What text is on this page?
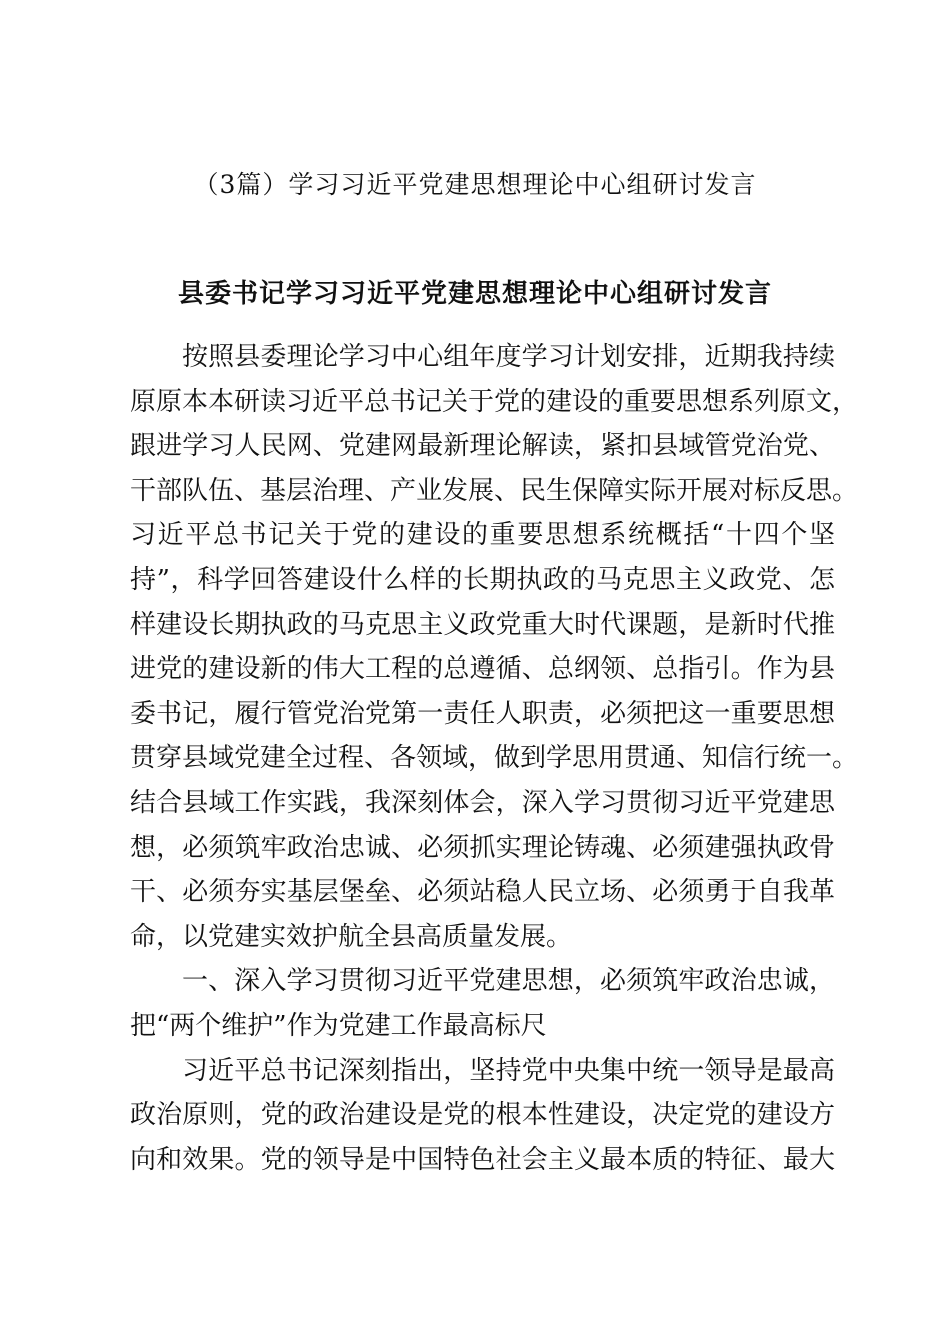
（3篇）学习习近平党建思想理论中心组研讨发言
县委书记学习习近平党建思想理论中心组研讨发言
按照县委理论学习中心组年度学习计划安排，近期我持续
原原本本研读习近平总书记关于党的建设的重要思想系列原文，
跟进学习人民网、党建网最新理论解读，紧扣县域管党治党、
干部队伍、基层治理、产业发展、民生保障实际开展对标反思。
习近平总书记关于党的建设的重要思想系统概括“十四个坚
持”，科学回答建设什么样的长期执政的马克思主义政党、怎
样建设长期执政的马克思主义政党重大时代课题，是新时代推
进党的建设新的伟大工程的总遵循、总纲领、总指引。作为县
委书记，履行管党治党第一责任人职责，必须把这一重要思想
贯穿县域党建全过程、各领域，做到学思用贯通、知信行统一。
结合县域工作实践，我深刻体会，深入学习贯彻习近平党建思
想，必须筑牢政治忠诚、必须抓实理论铸魂、必须建强执政骨
干、必须夯实基层堡垒、必须站稳人民立场、必须勇于自我革
命，以党建实效护航全县高质量发展。
一、深入学习贯彻习近平党建思想，必须筑牢政治忠诚，
把“两个维护”作为党建工作最高标尺
习近平总书记深刻指出，坚持党中央集中统一领导是最高
政治原则，党的政治建设是党的根本性建设，决定党的建设方
向和效果。党的领导是中国特色社会主义最本质的特征、最大
